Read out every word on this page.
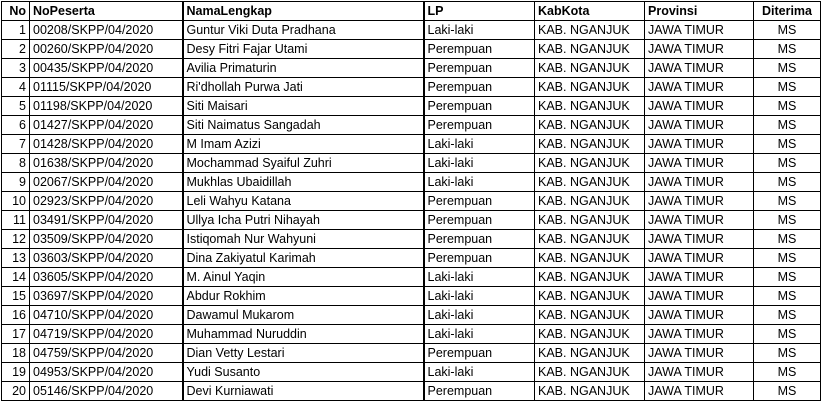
No	NoPeserta	NamaLengkap	LP	KabKota	Provinsi	Diterima
1	00208/SKPP/04/2020	Guntur Viki Duta Pradhana	Laki-laki	KAB. NGANJUK	JAWA TIMUR	MS
2	00260/SKPP/04/2020	Desy Fitri Fajar Utami	Perempuan	KAB. NGANJUK	JAWA TIMUR	MS
3	00435/SKPP/04/2020	Avilia Primaturin	Perempuan	KAB. NGANJUK	JAWA TIMUR	MS
4	01115/SKPP/04/2020	Ri'dhollah Purwa Jati	Perempuan	KAB. NGANJUK	JAWA TIMUR	MS
5	01198/SKPP/04/2020	Siti Maisari	Perempuan	KAB. NGANJUK	JAWA TIMUR	MS
6	01427/SKPP/04/2020	Siti Naimatus Sangadah	Perempuan	KAB. NGANJUK	JAWA TIMUR	MS
7	01428/SKPP/04/2020	M Imam Azizi	Laki-laki	KAB. NGANJUK	JAWA TIMUR	MS
8	01638/SKPP/04/2020	Mochammad Syaiful Zuhri	Laki-laki	KAB. NGANJUK	JAWA TIMUR	MS
9	02067/SKPP/04/2020	Mukhlas Ubaidillah	Laki-laki	KAB. NGANJUK	JAWA TIMUR	MS
10	02923/SKPP/04/2020	Leli Wahyu Katana	Perempuan	KAB. NGANJUK	JAWA TIMUR	MS
11	03491/SKPP/04/2020	Ullya Icha Putri Nihayah	Perempuan	KAB. NGANJUK	JAWA TIMUR	MS
12	03509/SKPP/04/2020	Istiqomah Nur Wahyuni	Perempuan	KAB. NGANJUK	JAWA TIMUR	MS
13	03603/SKPP/04/2020	Dina Zakiyatul Karimah	Perempuan	KAB. NGANJUK	JAWA TIMUR	MS
14	03605/SKPP/04/2020	M. Ainul Yaqin	Laki-laki	KAB. NGANJUK	JAWA TIMUR	MS
15	03697/SKPP/04/2020	Abdur Rokhim	Laki-laki	KAB. NGANJUK	JAWA TIMUR	MS
16	04710/SKPP/04/2020	Dawamul Mukarom	Laki-laki	KAB. NGANJUK	JAWA TIMUR	MS
17	04719/SKPP/04/2020	Muhammad Nuruddin	Laki-laki	KAB. NGANJUK	JAWA TIMUR	MS
18	04759/SKPP/04/2020	Dian Vetty Lestari	Perempuan	KAB. NGANJUK	JAWA TIMUR	MS
19	04953/SKPP/04/2020	Yudi Susanto	Laki-laki	KAB. NGANJUK	JAWA TIMUR	MS
20	05146/SKPP/04/2020	Devi Kurniawati	Perempuan	KAB. NGANJUK	JAWA TIMUR	MS
